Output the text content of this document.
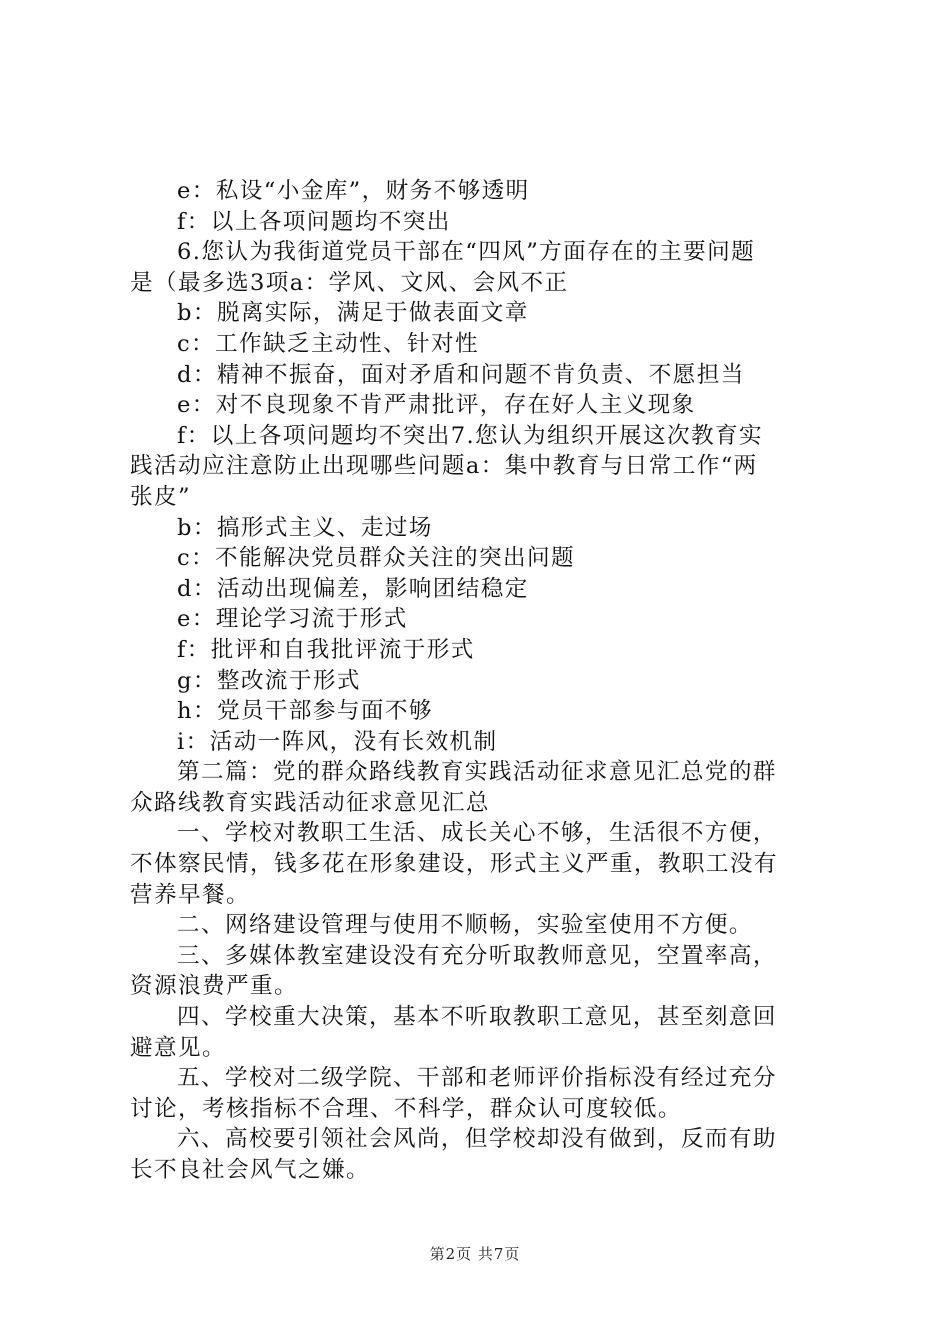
e：私设“小金库”，财务不够透明
f：以上各项问题均不突出
6.您认为我街道党员干部在“四风”方面存在的主要问题
是（最多选3项a：学风、文风、会风不正
b：脱离实际，满足于做表面文章
c：工作缺乏主动性、针对性
d：精神不振奋，面对矛盾和问题不肯负责、不愿担当
e：对不良现象不肯严肃批评，存在好人主义现象
f：以上各项问题均不突出7.您认为组织开展这次教育实
践活动应注意防止出现哪些问题a：集中教育与日常工作“两
张皮”
b：搞形式主义、走过场
c：不能解决党员群众关注的突出问题
d：活动出现偏差，影响团结稳定
e：理论学习流于形式
f：批评和自我批评流于形式
g：整改流于形式
h：党员干部参与面不够
i：活动一阵风，没有长效机制
第二篇：党的群众路线教育实践活动征求意见汇总党的群
众路线教育实践活动征求意见汇总
一、学校对教职工生活、成长关心不够，生活很不方便，
不体察民情，钱多花在形象建设，形式主义严重，教职工没有
营养早餐。
二、网络建设管理与使用不顺畅，实验室使用不方便。
三、多媒体教室建设没有充分听取教师意见，空置率高，
资源浪费严重。
四、学校重大决策，基本不听取教职工意见，甚至刻意回
避意见。
五、学校对二级学院、干部和老师评价指标没有经过充分
讨论，考核指标不合理、不科学，群众认可度较低。
六、高校要引领社会风尚，但学校却没有做到，反而有助
长不良社会风气之嫌。
第2页 共7页
